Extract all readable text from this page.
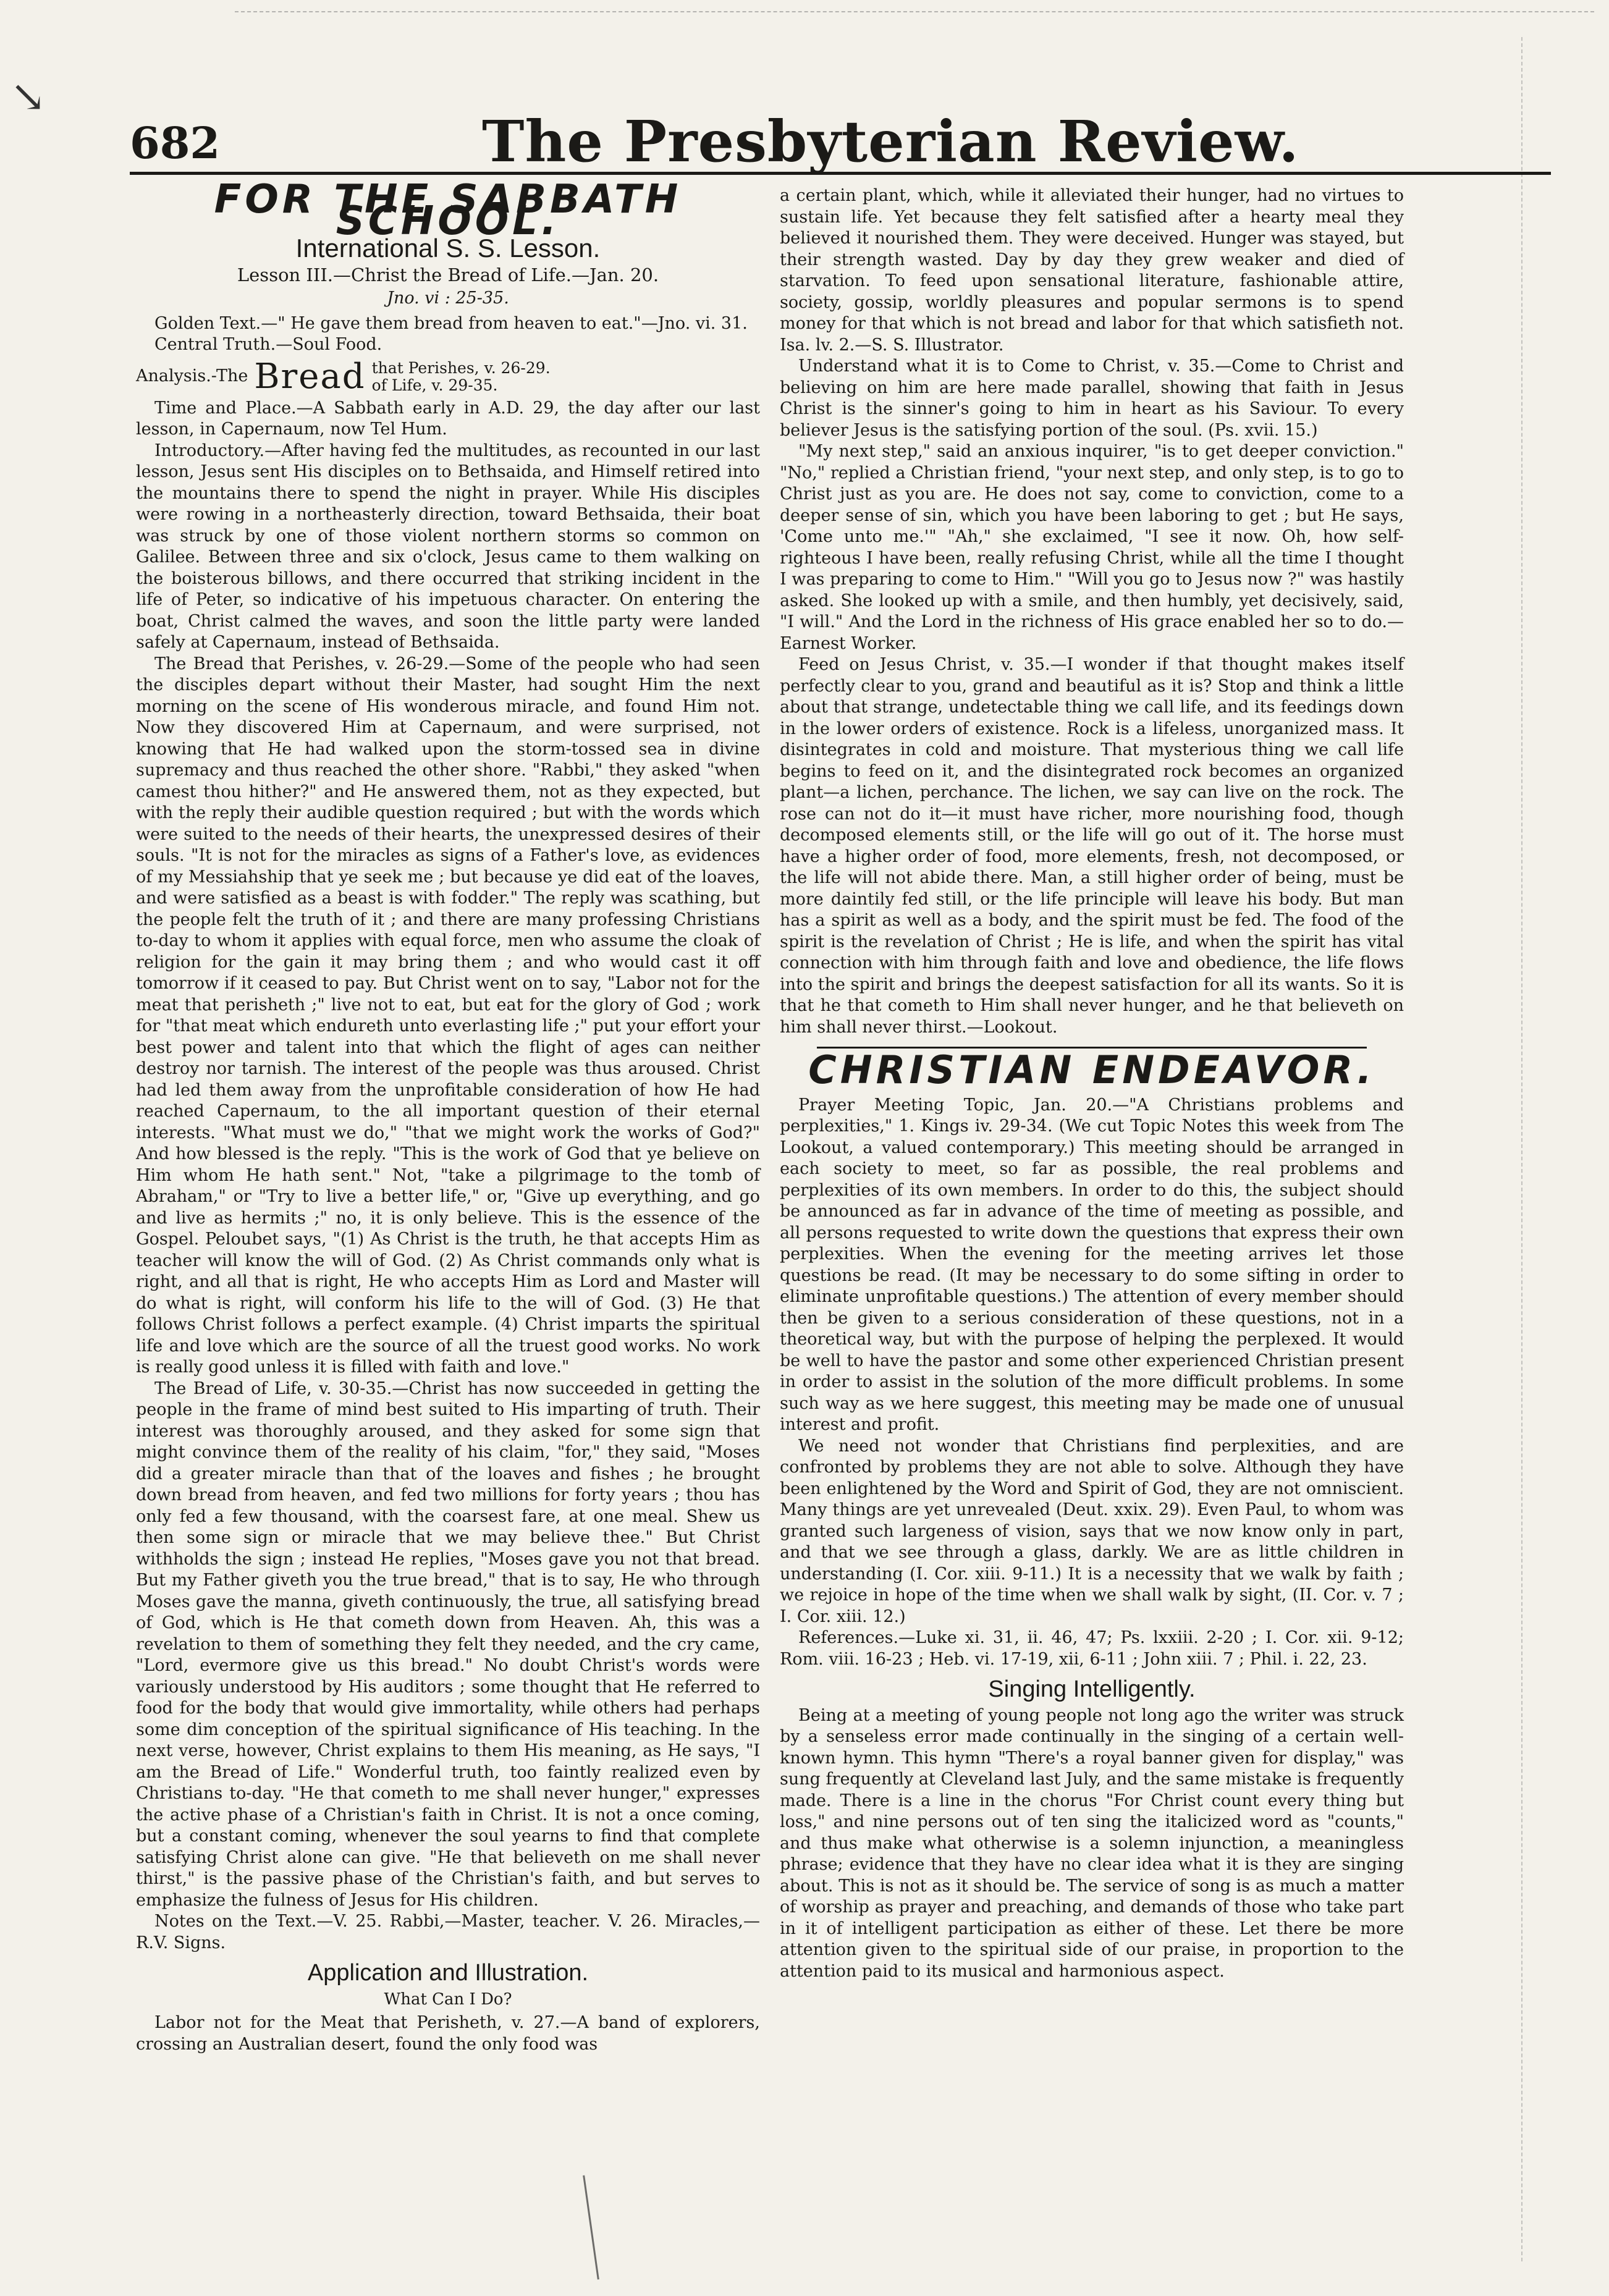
↘
682	The Presbyterian Review.
FOR THE SABBATH SCHOOL.
International S. S. Lesson.
Lesson III.—Christ the Bread of Life.—Jan. 20.
Jno. vi : 25-35.

Golden Text.—" He gave them bread from heaven to eat."—Jno. vi. 31.

Central Truth.—Soul Food.

Analysis.-The Bread that Perishes, v. 26-29.
of Life, v. 29-35.

Time and Place.—A Sabbath early in A.D. 29, the day after our last lesson, in Capernaum, now Tel Hum.

Introductory.—After having fed the multitudes, as recounted in our last lesson, Jesus sent His disciples on to Bethsaida, and Himself retired into the mountains there to spend the night in prayer. While His disciples were rowing in a northeasterly direction, toward Bethsaida, their boat was struck by one of those violent northern storms so common on Galilee. Between three and six o'clock, Jesus came to them walking on the boisterous billows, and there occurred that striking incident in the life of Peter, so indicative of his impetuous character. On entering the boat, Christ calmed the waves, and soon the little party were landed safely at Capernaum, instead of Bethsaida.

The Bread that Perishes, v. 26-29.—Some of the people who had seen the disciples depart without their Master, had sought Him the next morning on the scene of His wonderous miracle, and found Him not. Now they discovered Him at Capernaum, and were surprised, not knowing that He had walked upon the storm-tossed sea in divine supremacy and thus reached the other shore. "Rabbi," they asked "when camest thou hither?" and He answered them, not as they expected, but with the reply their audible question required ; but with the words which were suited to the needs of their hearts, the unexpressed desires of their souls. "It is not for the miracles as signs of a Father's love, as evidences of my Messiahship that ye seek me ; but because ye did eat of the loaves, and were satisfied as a beast is with fodder." The reply was scathing, but the people felt the truth of it ; and there are many professing Christians to-day to whom it applies with equal force, men who assume the cloak of religion for the gain it may bring them ; and who would cast it off tomorrow if it ceased to pay. But Christ went on to say, "Labor not for the meat that perisheth ;" live not to eat, but eat for the glory of God ; work for "that meat which endureth unto everlasting life ;" put your effort your best power and talent into that which the flight of ages can neither destroy nor tarnish. The interest of the people was thus aroused. Christ had led them away from the unprofitable consideration of how He had reached Capernaum, to the all important question of their eternal interests. "What must we do," "that we might work the works of God?" And how blessed is the reply. "This is the work of God that ye believe on Him whom He hath sent." Not, "take a pilgrimage to the tomb of Abraham," or "Try to live a better life," or, "Give up everything, and go and live as hermits ;" no, it is only believe. This is the essence of the Gospel. Peloubet says, "(1) As Christ is the truth, he that accepts Him as teacher will know the will of God. (2) As Christ commands only what is right, and all that is right, He who accepts Him as Lord and Master will do what is right, will conform his life to the will of God. (3) He that follows Christ follows a perfect example. (4) Christ imparts the spiritual life and love which are the source of all the truest good works. No work is really good unless it is filled with faith and love."

The Bread of Life, v. 30-35.—Christ has now succeeded in getting the people in the frame of mind best suited to His imparting of truth. Their interest was thoroughly aroused, and they asked for some sign that might convince them of the reality of his claim, "for," they said, "Moses did a greater miracle than that of the loaves and fishes ; he brought down bread from heaven, and fed two millions for forty years ; thou has only fed a few thousand, with the coarsest fare, at one meal. Shew us then some sign or miracle that we may believe thee." But Christ withholds the sign ; instead He replies, "Moses gave you not that bread. But my Father giveth you the true bread," that is to say, He who through Moses gave the manna, giveth continuously, the true, all satisfying bread of God, which is He that cometh down from Heaven. Ah, this was a revelation to them of something they felt they needed, and the cry came, "Lord, evermore give us this bread." No doubt Christ's words were variously understood by His auditors ; some thought that He referred to food for the body that would give immortality, while others had perhaps some dim conception of the spiritual significance of His teaching. In the next verse, however, Christ explains to them His meaning, as He says, "I am the Bread of Life." Wonderful truth, too faintly realized even by Christians to-day. "He that cometh to me shall never hunger," expresses the active phase of a Christian's faith in Christ. It is not a once coming, but a constant coming, whenever the soul yearns to find that complete satisfying Christ alone can give. "He that believeth on me shall never thirst," is the passive phase of the Christian's faith, and but serves to emphasize the fulness of Jesus for His children.

Notes on the Text.—V. 25. Rabbi,—Master, teacher. V. 26. Miracles,—R.V. Signs.

Application and Illustration.
What Can I Do?

Labor not for the Meat that Perisheth, v. 27.—A band of explorers, crossing an Australian desert, found the only food was

a certain plant, which, while it alleviated their hunger, had no virtues to sustain life. Yet because they felt satisfied after a hearty meal they believed it nourished them. They were deceived. Hunger was stayed, but their strength wasted. Day by day they grew weaker and died of starvation. To feed upon sensational literature, fashionable attire, society, gossip, worldly pleasures and popular sermons is to spend money for that which is not bread and labor for that which satisfieth not. Isa. lv. 2.—S. S. Illustrator.

Understand what it is to Come to Christ, v. 35.—Come to Christ and believing on him are here made parallel, showing that faith in Jesus Christ is the sinner's going to him in heart as his Saviour. To every believer Jesus is the satisfying portion of the soul. (Ps. xvii. 15.)

"My next step," said an anxious inquirer, "is to get deeper conviction." "No," replied a Christian friend, "your next step, and only step, is to go to Christ just as you are. He does not say, come to conviction, come to a deeper sense of sin, which you have been laboring to get ; but He says, 'Come unto me.'" "Ah," she exclaimed, "I see it now. Oh, how self-righteous I have been, really refusing Christ, while all the time I thought I was preparing to come to Him." "Will you go to Jesus now ?" was hastily asked. She looked up with a smile, and then humbly, yet decisively, said, "I will." And the Lord in the richness of His grace enabled her so to do.—Earnest Worker.

Feed on Jesus Christ, v. 35.—I wonder if that thought makes itself perfectly clear to you, grand and beautiful as it is? Stop and think a little about that strange, undetectable thing we call life, and its feedings down in the lower orders of existence. Rock is a lifeless, unorganized mass. It disintegrates in cold and moisture. That mysterious thing we call life begins to feed on it, and the disintegrated rock becomes an organized plant—a lichen, perchance. The lichen, we say can live on the rock. The rose can not do it—it must have richer, more nourishing food, though decomposed elements still, or the life will go out of it. The horse must have a higher order of food, more elements, fresh, not decomposed, or the life will not abide there. Man, a still higher order of being, must be more daintily fed still, or the life principle will leave his body. But man has a spirit as well as a body, and the spirit must be fed. The food of the spirit is the revelation of Christ ; He is life, and when the spirit has vital connection with him through faith and love and obedience, the life flows into the spirit and brings the deepest satisfaction for all its wants. So it is that he that cometh to Him shall never hunger, and he that believeth on him shall never thirst.—Lookout.

CHRISTIAN ENDEAVOR.

Prayer Meeting Topic, Jan. 20.—"A Christians problems and perplexities," 1. Kings iv. 29-34. (We cut Topic Notes this week from The Lookout, a valued contemporary.) This meeting should be arranged in each society to meet, so far as possible, the real problems and perplexities of its own members. In order to do this, the subject should be announced as far in advance of the time of meeting as possible, and all persons requested to write down the questions that express their own perplexities. When the evening for the meeting arrives let those questions be read. (It may be necessary to do some sifting in order to eliminate unprofitable questions.) The attention of every member should then be given to a serious consideration of these questions, not in a theoretical way, but with the purpose of helping the perplexed. It would be well to have the pastor and some other experienced Christian present in order to assist in the solution of the more difficult problems. In some such way as we here suggest, this meeting may be made one of unusual interest and profit.

We need not wonder that Christians find perplexities, and are confronted by problems they are not able to solve. Although they have been enlightened by the Word and Spirit of God, they are not omniscient. Many things are yet unrevealed (Deut. xxix. 29). Even Paul, to whom was granted such largeness of vision, says that we now know only in part, and that we see through a glass, darkly. We are as little children in understanding (I. Cor. xiii. 9-11.) It is a necessity that we walk by faith ; we rejoice in hope of the time when we shall walk by sight, (II. Cor. v. 7 ; I. Cor. xiii. 12.)

References.—Luke xi. 31, ii. 46, 47; Ps. lxxiii. 2-20 ; I. Cor. xii. 9-12; Rom. viii. 16-23 ; Heb. vi. 17-19, xii, 6-11 ; John xiii. 7 ; Phil. i. 22, 23.

Singing Intelligently.

Being at a meeting of young people not long ago the writer was struck by a senseless error made continually in the singing of a certain well-known hymn. This hymn "There's a royal banner given for display," was sung frequently at Cleveland last July, and the same mistake is frequently made. There is a line in the chorus "For Christ count every thing but loss," and nine persons out of ten sing the italicized word as "counts," and thus make what otherwise is a solemn injunction, a meaningless phrase; evidence that they have no clear idea what it is they are singing about. This is not as it should be. The service of song is as much a matter of worship as prayer and preaching, and demands of those who take part in it of intelligent participation as either of these. Let there be more attention given to the spiritual side of our praise, in proportion to the attention paid to its musical and harmonious aspect.
